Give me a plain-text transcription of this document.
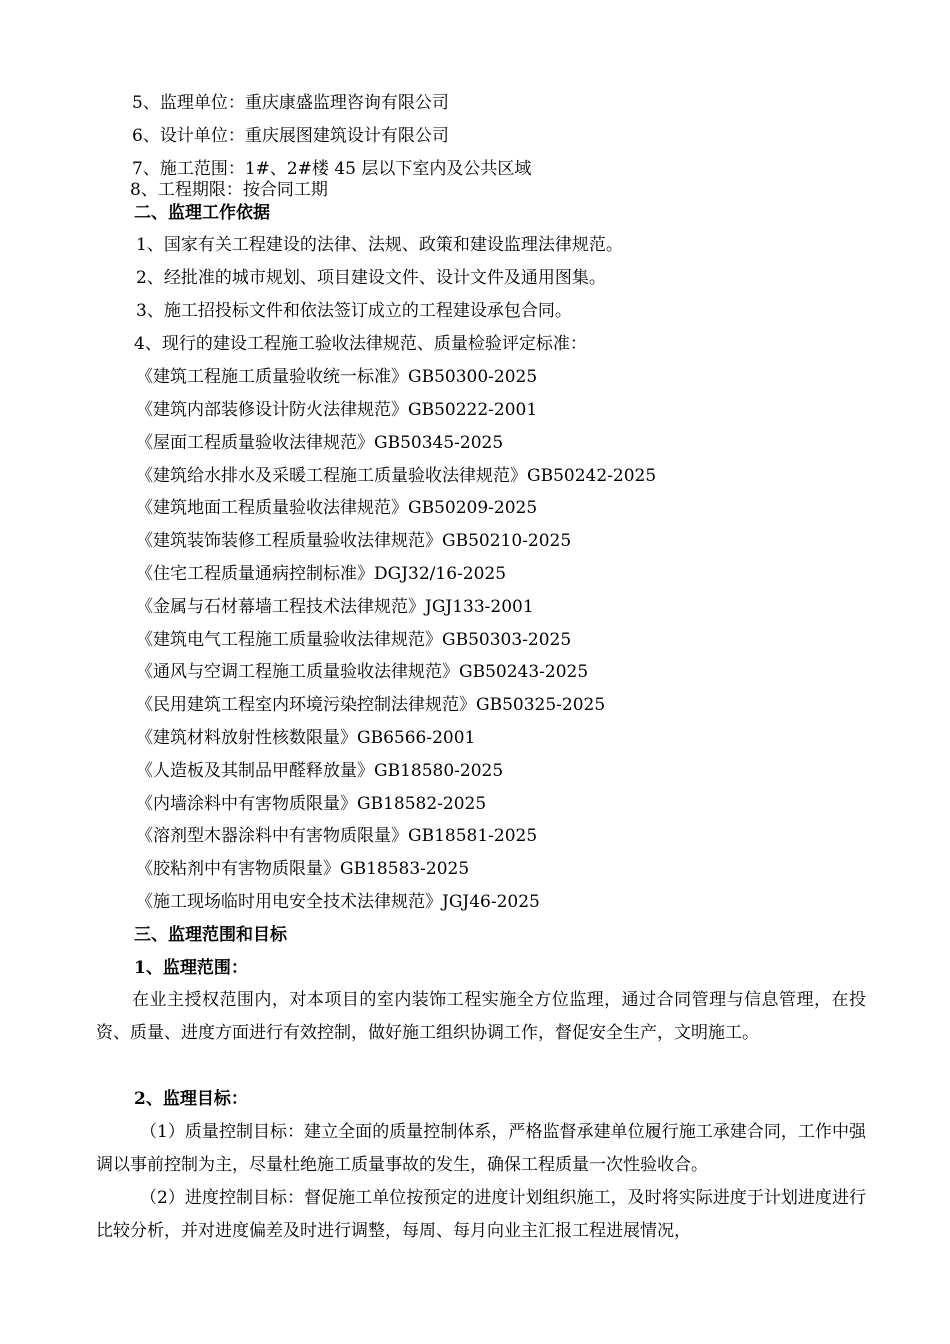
5、监理单位：重庆康盛监理咨询有限公司
6、设计单位：重庆展图建筑设计有限公司
7、施工范围：1#、2#楼 45 层以下室内及公共区域
8、工程期限：按合同工期
二、监理工作依据
1、国家有关工程建设的法律、法规、政策和建设监理法律规范。
2、经批准的城市规划、项目建设文件、设计文件及通用图集。
3、施工招投标文件和依法签订成立的工程建设承包合同。
4、现行的建设工程施工验收法律规范、质量检验评定标准：
《建筑工程施工质量验收统一标准》GB50300-2025
《建筑内部装修设计防火法律规范》GB50222-2001
《屋面工程质量验收法律规范》GB50345-2025
《建筑给水排水及采暖工程施工质量验收法律规范》GB50242-2025
《建筑地面工程质量验收法律规范》GB50209-2025
《建筑装饰装修工程质量验收法律规范》GB50210-2025
《住宅工程质量通病控制标准》DGJ32/16-2025
《金属与石材幕墙工程技术法律规范》JGJ133-2001
《建筑电气工程施工质量验收法律规范》GB50303-2025
《通风与空调工程施工质量验收法律规范》GB50243-2025
《民用建筑工程室内环境污染控制法律规范》GB50325-2025
《建筑材料放射性核数限量》GB6566-2001
《人造板及其制品甲醛释放量》GB18580-2025
《内墙涂料中有害物质限量》GB18582-2025
《溶剂型木器涂料中有害物质限量》GB18581-2025
《胶粘剂中有害物质限量》GB18583-2025
《施工现场临时用电安全技术法律规范》JGJ46-2025
三、监理范围和目标
1、监理范围：
在业主授权范围内，对本项目的室内装饰工程实施全方位监理，通过合同管理与信息管理，在投资、质量、进度方面进行有效控制，做好施工组织协调工作，督促安全生产，文明施工。
2、监理目标：
（1）质量控制目标：建立全面的质量控制体系，严格监督承建单位履行施工承建合同，工作中强调以事前控制为主，尽量杜绝施工质量事故的发生，确保工程质量一次性验收合。
（2）进度控制目标：督促施工单位按预定的进度计划组织施工，及时将实际进度于计划进度进行比较分析，并对进度偏差及时进行调整，每周、每月向业主汇报工程进展情况，
